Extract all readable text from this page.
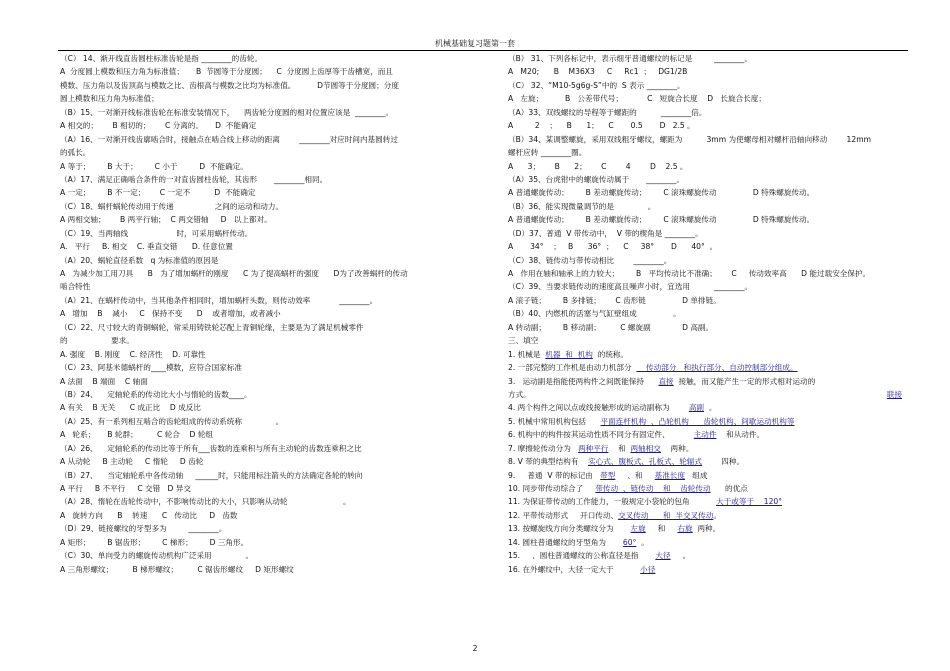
机械基础复习题第一套
（C） 14、渐开线直齿圆柱标准齿轮是指 ________的齿轮。
A  分度圆上模数和压力角为标准值；     B  节圆等于分度圆；    C  分度圆上齿厚等于齿槽宽，而且
模数、压力角以及齿顶高与模数之比、齿根高与模数之比均为标准值。         D节圆等于分度圆；分度
圆上模数和压力角为标准值；
（B）15、一对渐开线标准齿轮在标准安装情况下，    两齿轮分度圆的相对位置应该是  ________。
A 相交的；      B 相切的；      C 分离的。     D  不能确定
（A）16、一对渐开线齿廓啮合时，接触点在啮合线上移动的距离        ________对应时间内基圆转过
的弧长。
A 等于；       B 大于；       C 小于         D  不能确定。
（A）17、满足正确啮合条件的一对直齿圆柱齿轮，其齿形       ________相同。
A 一定；       B 不一定；      C 一定不          D  不能确定
（C）18、蜗杆蜗轮传动用于传递                 之间的运动和动力。
A 两相交轴；      B 两平行轴；  C 两交错轴     D   以上都对。
（C）19、当两轴线                    时，可采用蜗杆传动。
A.   平行     B. 相交    C. 垂直交错      D. 任意位置
（A）20、蜗轮直径系数   q 为标准值的原因是
A   为减少加工用刀具      B   为了增加蜗杆的刚度      C 为了提高蜗杆的强度      D为了改善蜗杆的传动
啮合特性
（A）21、在蜗杆传动中，当其他条件相同时，增加蜗杆头数，则传动效率            ________。
A   增加    B    减小     C   保持不变      D    或者增加，或者减小
（C）22、尺寸较大的青铜蜗轮，常采用铸铁轮芯配上青铜轮缘，主要是为了满足机械零件
的                  要求。
A. 强度    B. 刚度    C. 经济性    D. 可靠性
（C）23、阿基米德蜗杆的____模数，应符合国家标准
A 法面    B 端面    C 轴面
（B）24、    定轴轮系的传动比大小与惰轮的齿数____。
A 有关    B 无关      C 成正比    D 成反比
（A）25、有一系列相互啮合的齿轮组成的传动系统称              。
A   轮系；     B 轮群；        C 轮合    D 轮组
（A）26、    定轴轮系的传动比等于所有___齿数的连乘积与所有主动轮的齿数连乘积之比
A 从动轮     B 主动轮     C 惰轮     D 齿轮
（B）27、    当定轴轮系中各传动轴     ______时，只能用标注箭头的方法确定各轮的转向
A 平行     B 不平行     C 交错   D 异交
（A）28、惰轮在齿轮传动中，不影响传动比的大小，只影响从动轮                       。
A   旋转方向      B    转速      C   传动比     D   齿数
（D）29、链接螺纹的牙型多为         ________。
A 矩形；       B 锯齿形；       C 梯形；       D 三角形。
（C）30、单向受力的螺旋传动机构广泛采用              。
A 三角形螺纹；        B 梯形螺纹；        C 锯齿形螺纹     D 矩形螺纹
（B） 31、下列各标记中，表示细牙普通螺纹的标记是         ________。
A   M20;      B    M36X3     C     Rc1  ；   DG1/2B
（C） 32、“M10-5g6g-S”中的  S 表示 ________。
A   左旋；         B   公差带代号；          C   短旋合长度    D   长旋合长度；
（A）33、双线螺纹的导程等于螺距的          ________倍。
A         2    ；    B      1；    C       0.5       D   2.5 。
（B）34、某调整螺旋，采用双线粗牙螺纹，螺距为          3mm 为使螺母相对螺杆沿轴向移动        12mm
螺杆应转 ________圈。
A      3；      B      2；      C        4        D    2.5 。
（A）35、台虎钳中的螺旋传动属于       ________。
A 普通螺旋传动；       B 差动螺旋传动；       C 滚珠螺旋传动               D 特殊螺旋传动。
（B）36、能实现微量调节的是              。
A 普通螺旋传动；       B 差动螺旋传动；       C 滚珠螺旋传动               D 特殊螺旋传动。
（D）37、普通  V 带传动中，  V 带的楔角是 ________。
A       34°    ；   B      36°  ；    C     38°       D      40°  。
（C）38、链传动与带传动相比        ________。
A   作用在轴和轴承上的力较大；       B   平均传动比不准确；      C     传动效率高      D 能过载安全保护。
（C）39、当要求链传动的速度高且噪声小时，宜选用          ________。
A 滚子链；       B 多排链；      C 齿形链               D 单排链。
（B）40、内燃机的活塞与气缸壁组成               。
A 转动副；       B 移动副；        C 螺旋副             D 高副。
三、填空
1. 机械是  机器  和  机构  的统称。
2. 一部完整的工作机是由动力机部分      传动部分   和执行部分、自动控制部分组成。
3.   运动副是指能使两构件之间既能保持      直接  接触，而又能产生一定的形式相对运动的
方式。	联接
4. 两个构件之间以点或线接触形成的运动副称为        高副  。
5. 机械中常用机构包括      平面连杆机构  、凸轮机构      齿轮机构、间歇运动机构等
6. 机构中的构件按其运动性质不同分有固定件、          主动件    和从动件。
7. 摩擦轮传动分为   两种平行    和  两轴相交    两种。
8. V 带的典型结构有    实心式、腹板式、孔板式、轮辐式        四种。
9.     普通  V 带的标记由   带型     、和     基准长度   组成
10. 同步带传动综合了     带传动  、链传动    和    齿轮传动      的优点
11. 为保证带传动的工作能力，一般规定小袋轮的包角           大于或等于    120°
12. 平带传动形式     开口传动、交叉传动      和  半交叉传动。
13. 按螺旋线方向分类螺纹分为       左旋     和     右旋  两种。
14. 圆柱普通螺纹的牙型角为       60°  。
15.     、圆柱普通螺纹的公称直径是指       大径     。
16. 在外螺纹中，大径一定大于           小径
2
